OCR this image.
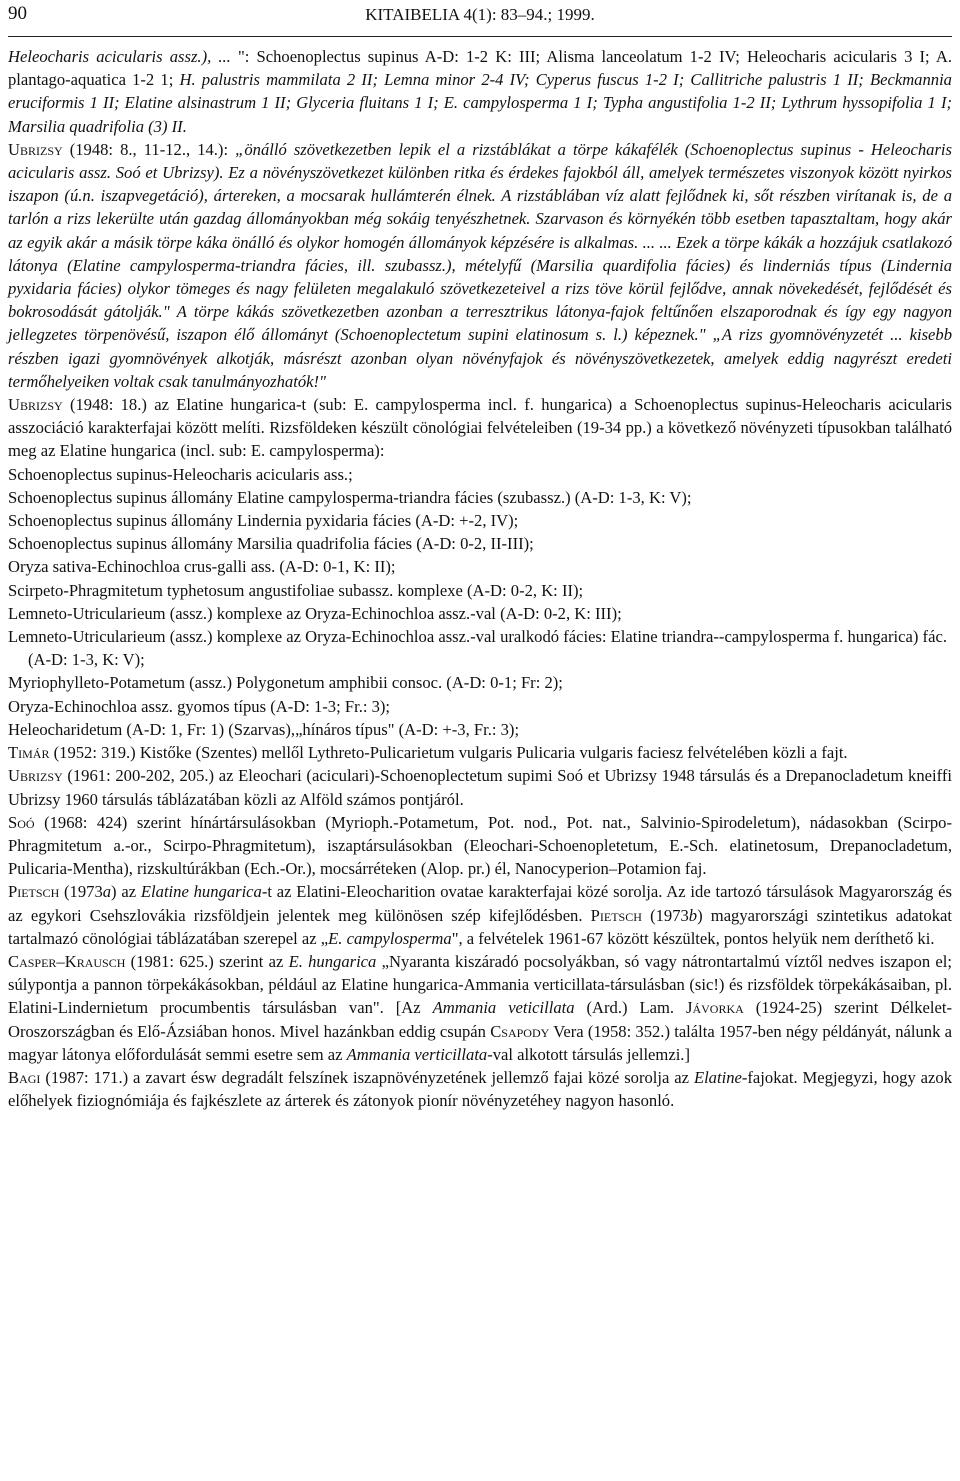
90	KITAIBELIA 4(1): 83–94.; 1999.

Heleocharis acicularis assz.), ... ": Schoenoplectus supinus A-D: 1-2 K: III; Alisma lanceolatum 1-2 IV; Heleocharis acicularis 3 I; A. plantago-aquatica 1-2 1; H. palustris mammilata 2 II; Lemna minor 2-4 IV; Cyperus fuscus 1-2 I; Callitriche palustris 1 II; Beckmannia eruciformis 1 II; Elatine alsinastrum 1 II; Glyceria fluitans 1 I; E. campylosperma 1 I; Typha angustifolia 1-2 II; Lythrum hyssopifolia 1 I; Marsilia quadrifolia (3) II.

Ubrizsy (1948: 8., 11-12., 14.): „önálló szövetkezetben lepik el a rizstáblákat a törpe kákafélék (Schoenoplectus supinus - Heleocharis acicularis assz. Soó et Ubrizsy). Ez a növényszövetkezet különben ritka és érdekes fajokból áll, amelyek természetes viszonyok között nyirkos iszapon (ú.n. iszapvegetáció), ártereken, a mocsarak hullámterén élnek. A rizstáblában víz alatt fejlődnek ki, sőt részben virítanak is, de a tarlón a rizs lekerülte után gazdag állományokban még sokáig tenyészhetnek. Szarvason és környékén több esetben tapasztaltam, hogy akár az egyik akár a másik törpe káka önálló és olykor homogén állományok képzésére is alkalmas. ... ... Ezek a törpe kákák a hozzájuk csatlakozó látonya (Elatine campylosperma-triandra fácies, ill. szubassz.), mételyfű (Marsilia quardifolia fácies) és linderniás típus (Lindernia pyxidaria fácies) olykor tömeges és nagy felületen megalakuló szövetkezeteivel a rizs töve körül fejlődve, annak növekedését, fejlődését és bokrosodását gátolják." A törpe kákás szövetkezetben azonban a terresztrikus látonya-fajok feltűnően elszaporodnak és így egy nagyon jellegzetes törpenövésű, iszapon élő állományt (Schoenoplectetum supini elatinosum s. l.) képeznek." „A rizs gyomnövényzetét ... kisebb részben igazi gyomnövények alkotják, másrészt azonban olyan növényfajok és növényszövetkezetek, amelyek eddig nagyrészt eredeti termőhelyeiken voltak csak tanulmányozhatók!"

Ubrizsy (1948: 18.) az Elatine hungarica-t (sub: E. campylosperma incl. f. hungarica) a Schoenoplectus supinus-Heleocharis acicularis asszociáció karakterfajai között melíti. Rizsföldeken készült cönológiai felvételeiben (19-34 pp.) a következő növényzeti típusokban található meg az Elatine hungarica (incl. sub: E. campylosperma):

Schoenoplectus supinus-Heleocharis acicularis ass.;

Schoenoplectus supinus állomány Elatine campylosperma-triandra fácies (szubassz.) (A-D: 1-3, K: V);

Schoenoplectus supinus állomány Lindernia pyxidaria fácies (A-D: +-2, IV);

Schoenoplectus supinus állomány Marsilia quadrifolia fácies (A-D: 0-2, II-III);

Oryza sativa-Echinochloa crus-galli ass. (A-D: 0-1, K: II);

Scirpeto-Phragmitetum typhetosum angustifoliae subassz. komplexe (A-D: 0-2, K: II);

Lemneto-Utricularieum (assz.) komplexe az Oryza-Echinochloa assz.-val (A-D: 0-2, K: III);

Lemneto-Utricularieum (assz.) komplexe az Oryza-Echinochloa assz.-val uralkodó fácies: Elatine triandra--campylosperma f. hungarica) fác. (A-D: 1-3, K: V);

Myriophylleto-Potametum (assz.) Polygonetum amphibii consoc. (A-D: 0-1; Fr: 2);

Oryza-Echinochloa assz. gyomos típus (A-D: 1-3; Fr.: 3);

Heleocharidetum (A-D: 1, Fr: 1) (Szarvas),„hínáros típus" (A-D: +-3, Fr.: 3);

Timár (1952: 319.) Kistőke (Szentes) mellől Lythreto-Pulicarietum vulgaris Pulicaria vulgaris faciesz felvételében közli a fajt.

Ubrizsy (1961: 200-202, 205.) az Eleochari (aciculari)-Schoenoplectetum supimi Soó et Ubrizsy 1948 társulás és a Drepanocladetum kneiffi Ubrizsy 1960 társulás táblázatában közli az Alföld számos pontjáról.

Soó (1968: 424) szerint hínártársulásokban (Myrioph.-Potametum, Pot. nod., Pot. nat., Salvinio-Spirodeletum), nádasokban (Scirpo-Phragmitetum a.-or., Scirpo-Phragmitetum), iszaptársulásokban (Eleochari-Schoenopletetum, E.-Sch. elatinetosum, Drepanocladetum, Pulicaria-Mentha), rizskultúrákban (Ech.-Or.), mocsárréteken (Alop. pr.) él, Nanocyperion–Potamion faj.

Pietsch (1973a) az Elatine hungarica-t az Elatini-Eleocharition ovatae karakterfajai közé sorolja. Az ide tartozó társulások Magyarország és az egykori Csehszlovákia rizsföldjein jelentek meg különösen szép kifejlődésben. Pietsch (1973b) magyarországi szintetikus adatokat tartalmazó cönológiai táblázatában szerepel az „E. campylosperma", a felvételek 1961-67 között készültek, pontos helyük nem deríthető ki.

Casper–Krausch (1981: 625.) szerint az E. hungarica „Nyaranta kiszáradó pocsolyákban, só vagy nátrontartalmú víztől nedves iszapon el; súlypontja a pannon törpekákásokban, például az Elatine hungarica-Ammania verticillata-társulásban (sic!) és rizsföldek törpekákásaiban, pl. Elatini-Lindernietum procumbentis társulásban van". [Az Ammania veticillata (Ard.) Lam. Jávorka (1924-25) szerint Délkelet-Oroszországban és Elő-Ázsiában honos. Mivel hazánkban eddig csupán Csapody Vera (1958: 352.) találta 1957-ben négy példányát, nálunk a magyar látonya előfordulását semmi esetre sem az Ammania verticillata-val alkotott társulás jellemzi.]

Bagi (1987: 171.) a zavart ésw degradált felszínek iszapnövényzetének jellemző fajai közé sorolja az Elatine-fajokat. Megjegyzi, hogy azok előhelyek fiziognómiája és fajkészlete az árterek és zátonyok pionír növényzetéhey nagyon hasonló.
